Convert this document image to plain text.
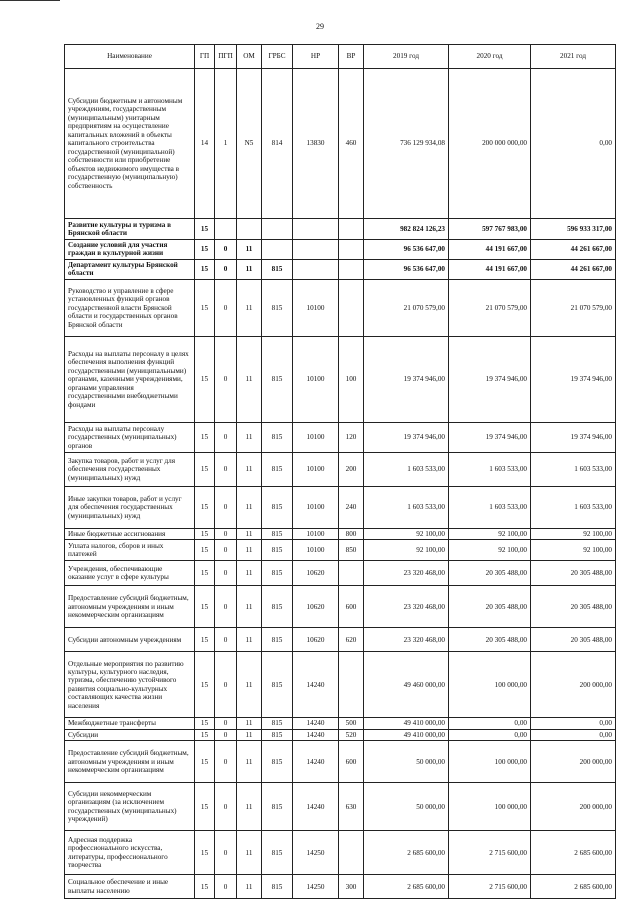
29
Наименование	ГП	ПГП	ОМ	ГРБС	НР	ВР	2019 год	2020 год	2021 год
Субсидии бюджетным и автономным учреждениям, государственным (муниципальным) унитарным предприятиям на осуществление капитальных вложений в объекты капитального строительства государственной (муниципальной) собственности или приобретение объектов недвижимого имущества в государственную (муниципальную) собственность	14	1	N5	814	13830	460	736 129 934,08	200 000 000,00	0,00
Развитие культуры и туризма в Брянской области	15						982 824 126,23	597 767 983,00	596 933 317,00
Создание условий для участия граждан в культурной жизни	15	0	11				96 536 647,00	44 191 667,00	44 261 667,00
Департамент культуры Брянской области	15	0	11	815			96 536 647,00	44 191 667,00	44 261 667,00
Руководство и управление в сфере установленных функций органов государственной власти Брянской области и государственных органов Брянской области	15	0	11	815	10100		21 070 579,00	21 070 579,00	21 070 579,00
Расходы на выплаты персоналу в целях обеспечения выполнения функций государственными (муниципальными) органами, казенными учреждениями, органами управления государственными внебюджетными фондами	15	0	11	815	10100	100	19 374 946,00	19 374 946,00	19 374 946,00
Расходы на выплаты персоналу государственных (муниципальных) органов	15	0	11	815	10100	120	19 374 946,00	19 374 946,00	19 374 946,00
Закупка товаров, работ и услуг для обеспечения государственных (муниципальных) нужд	15	0	11	815	10100	200	1 603 533,00	1 603 533,00	1 603 533,00
Иные закупки товаров, работ и услуг для обеспечения государственных (муниципальных) нужд	15	0	11	815	10100	240	1 603 533,00	1 603 533,00	1 603 533,00
Иные бюджетные ассигнования	15	0	11	815	10100	800	92 100,00	92 100,00	92 100,00
Уплата налогов, сборов и иных платежей	15	0	11	815	10100	850	92 100,00	92 100,00	92 100,00
Учреждения, обеспечивающие оказание услуг в сфере культуры	15	0	11	815	10620		23 320 468,00	20 305 488,00	20 305 488,00
Предоставление субсидий бюджетным, автономным учреждениям и иным некоммерческим организациям	15	0	11	815	10620	600	23 320 468,00	20 305 488,00	20 305 488,00
Субсидии автономным учреждениям	15	0	11	815	10620	620	23 320 468,00	20 305 488,00	20 305 488,00
Отдельные мероприятия по развитию культуры, культурного наследия, туризма, обеспечению устойчивого развития социально-культурных составляющих качества жизни населения	15	0	11	815	14240		49 460 000,00	100 000,00	200 000,00
Межбюджетные трансферты	15	0	11	815	14240	500	49 410 000,00	0,00	0,00
Субсидии	15	0	11	815	14240	520	49 410 000,00	0,00	0,00
Предоставление субсидий бюджетным, автономным учреждениям и иным некоммерческим организациям	15	0	11	815	14240	600	50 000,00	100 000,00	200 000,00
Субсидии некоммерческим организациям (за исключением государственных (муниципальных) учреждений)	15	0	11	815	14240	630	50 000,00	100 000,00	200 000,00
Адресная поддержка профессионального искусства, литературы, профессионального творчества	15	0	11	815	14250		2 685 600,00	2 715 600,00	2 685 600,00
Социальное обеспечение и иные выплаты населению	15	0	11	815	14250	300	2 685 600,00	2 715 600,00	2 685 600,00
